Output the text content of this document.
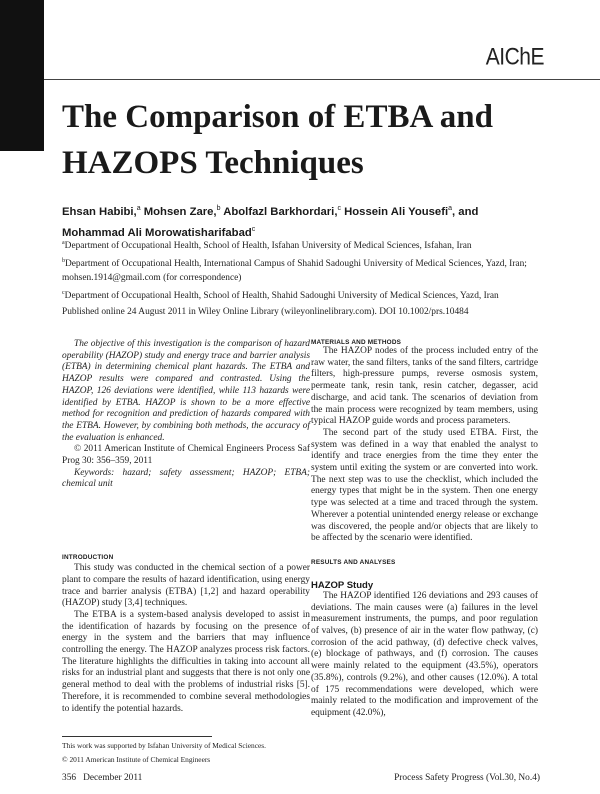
AIChE
The Comparison of ETBA and
HAZOPS Techniques
Ehsan Habibi,$^a$ Mohsen Zare,$^b$ Abolfazl Barkhordari,$^c$ Hossein Ali Yousefi$^a$, and
Mohammad Ali Morowatisharifabad$^c$
$^a$Department of Occupational Health, School of Health, Isfahan University of Medical Sciences, Isfahan, Iran
$^b$Department of Occupational Health, International Campus of Shahid Sadoughi University of Medical Sciences, Yazd, Iran;
mohsen.1914@gmail.com (for correspondence)
$^c$Department of Occupational Health, School of Health, Shahid Sadoughi University of Medical Sciences, Yazd, Iran
Published online 24 August 2011 in Wiley Online Library (wileyonlinelibrary.com). DOI 10.1002/prs.10484

The objective of this investigation is the comparison of hazard operability (HAZOP) study and energy trace and barrier analysis (ETBA) in determining chemical plant hazards. The ETBA and HAZOP results were compared and contrasted. Using the HAZOP, 126 deviations were identified, while 113 hazards were identified by ETBA. HAZOP is shown to be a more effective method for recognition and prediction of hazards compared with the ETBA. However, by combining both methods, the accuracy of the evaluation is enhanced.

© 2011 American Institute of Chemical Engineers Process Saf Prog 30: 356–359, 2011

Keywords: hazard; safety assessment; HAZOP; ETBA; chemical unit

INTRODUCTION

This study was conducted in the chemical section of a power plant to compare the results of hazard identification, using energy trace and barrier analysis (ETBA) [1,2] and hazard operability (HAZOP) study [3,4] techniques.

The ETBA is a system-based analysis developed to assist in the identification of hazards by focusing on the presence of energy in the system and the barriers that may influence controlling the energy. The HAZOP analyzes process risk factors. The literature highlights the difficulties in taking into account all risks for an industrial plant and suggests that there is not only one general method to deal with the problems of industrial risks [5]. Therefore, it is recommended to combine several methodologies to identify the potential hazards.

This work was supported by Isfahan University of Medical Sciences.

© 2011 American Institute of Chemical Engineers

MATERIALS AND METHODS

The HAZOP nodes of the process included entry of the raw water, the sand filters, tanks of the sand filters, cartridge filters, high-pressure pumps, reverse osmosis system, permeate tank, resin tank, resin catcher, degasser, acid discharge, and acid tank. The scenarios of deviation from the main process were recognized by team members, using typical HAZOP guide words and process parameters.

The second part of the study used ETBA. First, the system was defined in a way that enabled the analyst to identify and trace energies from the time they enter the system until exiting the system or are converted into work. The next step was to use the checklist, which included the energy types that might be in the system. Then one energy type was selected at a time and traced through the system. Wherever a potential unintended energy release or exchange was discovered, the people and/or objects that are likely to be affected by the scenario were identified.

RESULTS AND ANALYSES

HAZOP Study

The HAZOP identified 126 deviations and 293 causes of deviations. The main causes were (a) failures in the level measurement instruments, the pumps, and poor regulation of valves, (b) presence of air in the water flow pathway, (c) corrosion of the acid pathway, (d) defective check valves, (e) blockage of pathways, and (f) corrosion. The causes were mainly related to the equipment (43.5%), operators (35.8%), controls (9.2%), and other causes (12.0%). A total of 175 recommendations were developed, which were mainly related to the modification and improvement of the equipment (42.0%),

356   December 2011	Process Safety Progress (Vol.30, No.4)
